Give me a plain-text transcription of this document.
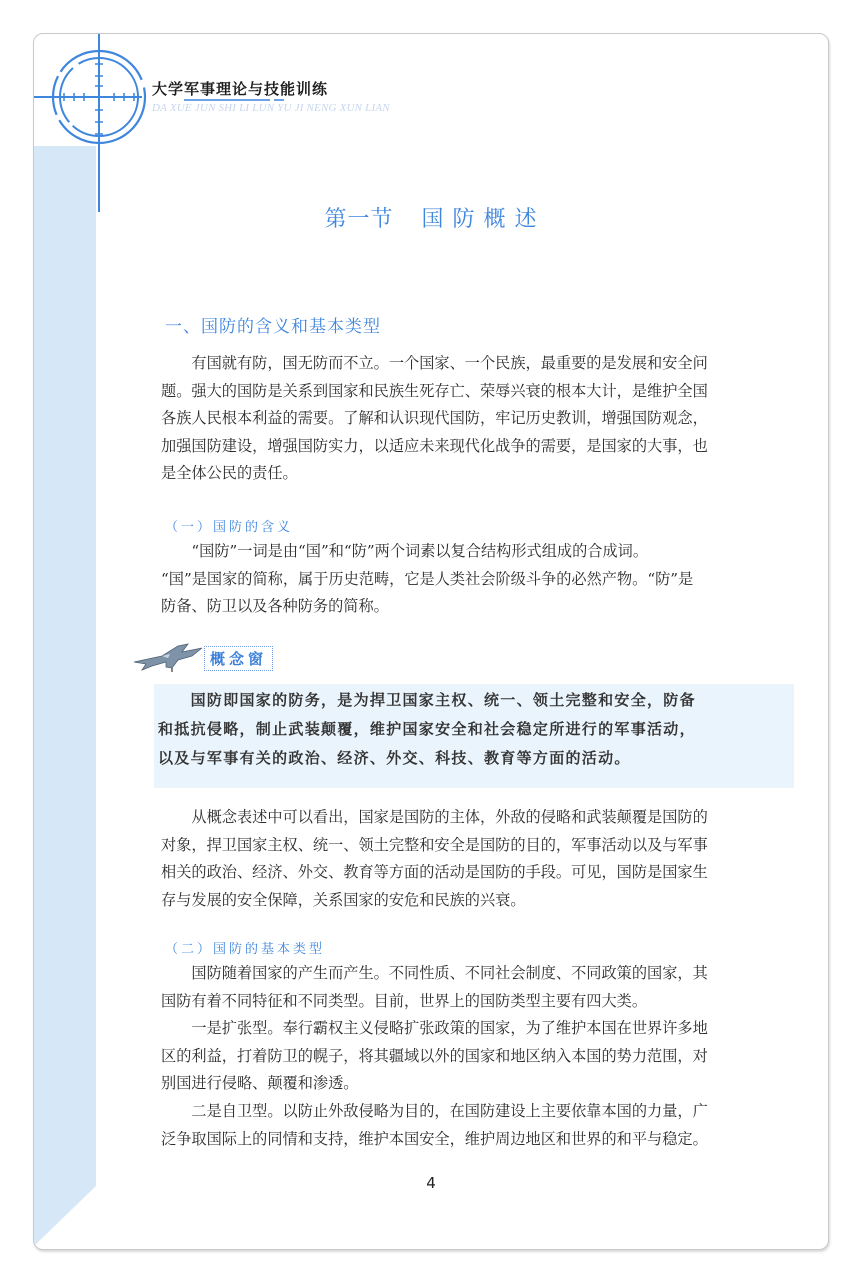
大学军事理论与技能训练
DA XUE JUN SHI LI LUN YU JI NENG XUN LIAN
第一节 国 防 概 述
一、国防的含义和基本类型
　　有国就有防，国无防而不立。一个国家、一个民族，最重要的是发展和安全问
题。强大的国防是关系到国家和民族生死存亡、荣辱兴衰的根本大计，是维护全国
各族人民根本利益的需要。了解和认识现代国防，牢记历史教训，增强国防观念，
加强国防建设，增强国防实力，以适应未来现代化战争的需要，是国家的大事，也
是全体公民的责任。
（一）国防的含义
　　“国防”一词是由“国”和“防”两个词素以复合结构形式组成的合成词。
“国”是国家的简称，属于历史范畴，它是人类社会阶级斗争的必然产物。“防”是
防备、防卫以及各种防务的简称。
概念窗
　　国防即国家的防务，是为捍卫国家主权、统一、领土完整和安全，防备
和抵抗侵略，制止武装颠覆，维护国家安全和社会稳定所进行的军事活动，
以及与军事有关的政治、经济、外交、科技、教育等方面的活动。
　　从概念表述中可以看出，国家是国防的主体，外敌的侵略和武装颠覆是国防的
对象，捍卫国家主权、统一、领土完整和安全是国防的目的，军事活动以及与军事
相关的政治、经济、外交、教育等方面的活动是国防的手段。可见，国防是国家生
存与发展的安全保障，关系国家的安危和民族的兴衰。
（二）国防的基本类型
　　国防随着国家的产生而产生。不同性质、不同社会制度、不同政策的国家，其
国防有着不同特征和不同类型。目前，世界上的国防类型主要有四大类。
　　一是扩张型。奉行霸权主义侵略扩张政策的国家，为了维护本国在世界许多地
区的利益，打着防卫的幌子，将其疆域以外的国家和地区纳入本国的势力范围，对
别国进行侵略、颠覆和渗透。
　　二是自卫型。以防止外敌侵略为目的，在国防建设上主要依靠本国的力量，广
泛争取国际上的同情和支持，维护本国安全，维护周边地区和世界的和平与稳定。
4
